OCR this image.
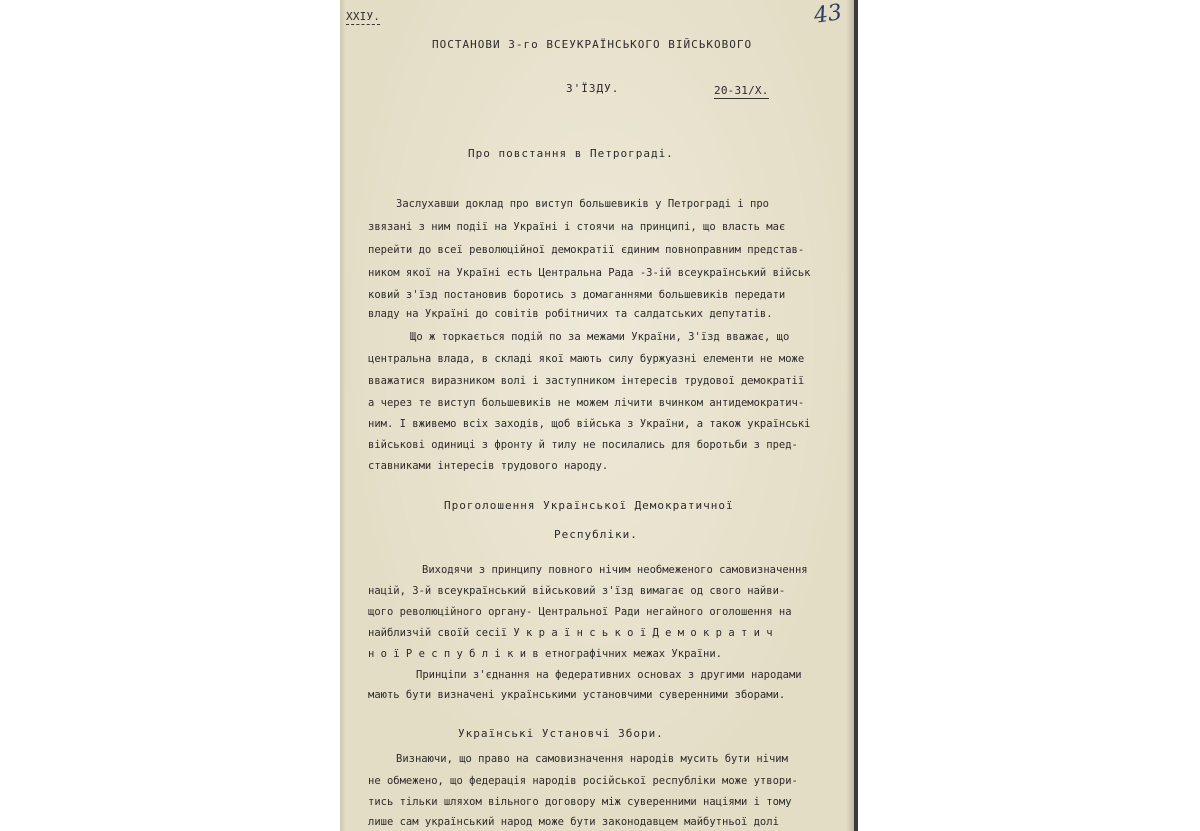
XXIУ.	43
ПОСТАНОВИ 3-го ВСЕУКРАЇНСЬКОГО ВІЙСЬКОВОГО
З'ЇЗДУ.	20-31/Х.
Про повстання в Петрограді.
Заслухавши доклад про виступ большевиків у Петрограді і про
звязані з ним події на Україні і стоячи на принципі, що власть має
перейти до всеї революційної демократії єдиним повноправним представ-
ником якої на Україні есть Центральна Рада -3-ій всеукраїнський військ
ковий з'їзд постановив боротись з домаганнями большевиків передати
владу на Україні до совітів робітничих та салдатських депутатів.
Що ж торкається подій по за межами України, З'їзд вважає, що
центральна влада, в складі якої мають силу буржуазні елементи не може
вважатися виразником волі і заступником інтересів трудової демократії
а через те виступ большевиків не можем лічити вчинком антидемократич-
ним. І вживемо всіх заходів, щоб війська з України, а також українські
військові одиниці з фронту й тилу не посилались для боротьби з пред-
ставниками інтересів трудового народу.
Проголошення Української Демократичної
Республіки.
Виходячи з принципу повного нічим необмеженого самовизначення
націй, 3-й всеукраїнський військовий з'їзд вимагає од свого найви-
щого революційного органу- Центральної Ради негайного оголошення на
найблизчій своїй сесії У к р а ї н с ь к о ї Д е м о к р а т и ч
н о ї Р е с п у б л і к и в етнографічних межах України.
Принціпи з'єднання на федеративних основах з другими народами
мають бути визначені українськими установчими суверенними зборами.
Українські Установчі Збори.
Визнаючи, що право на самовизначення народів мусить бути нічим
не обмежено, що федерація народів російської республіки може утвори-
тись тільки шляхом вільного договору між суверенними націями і тому
лише сам український народ може бути законодавцем майбутньої долі
